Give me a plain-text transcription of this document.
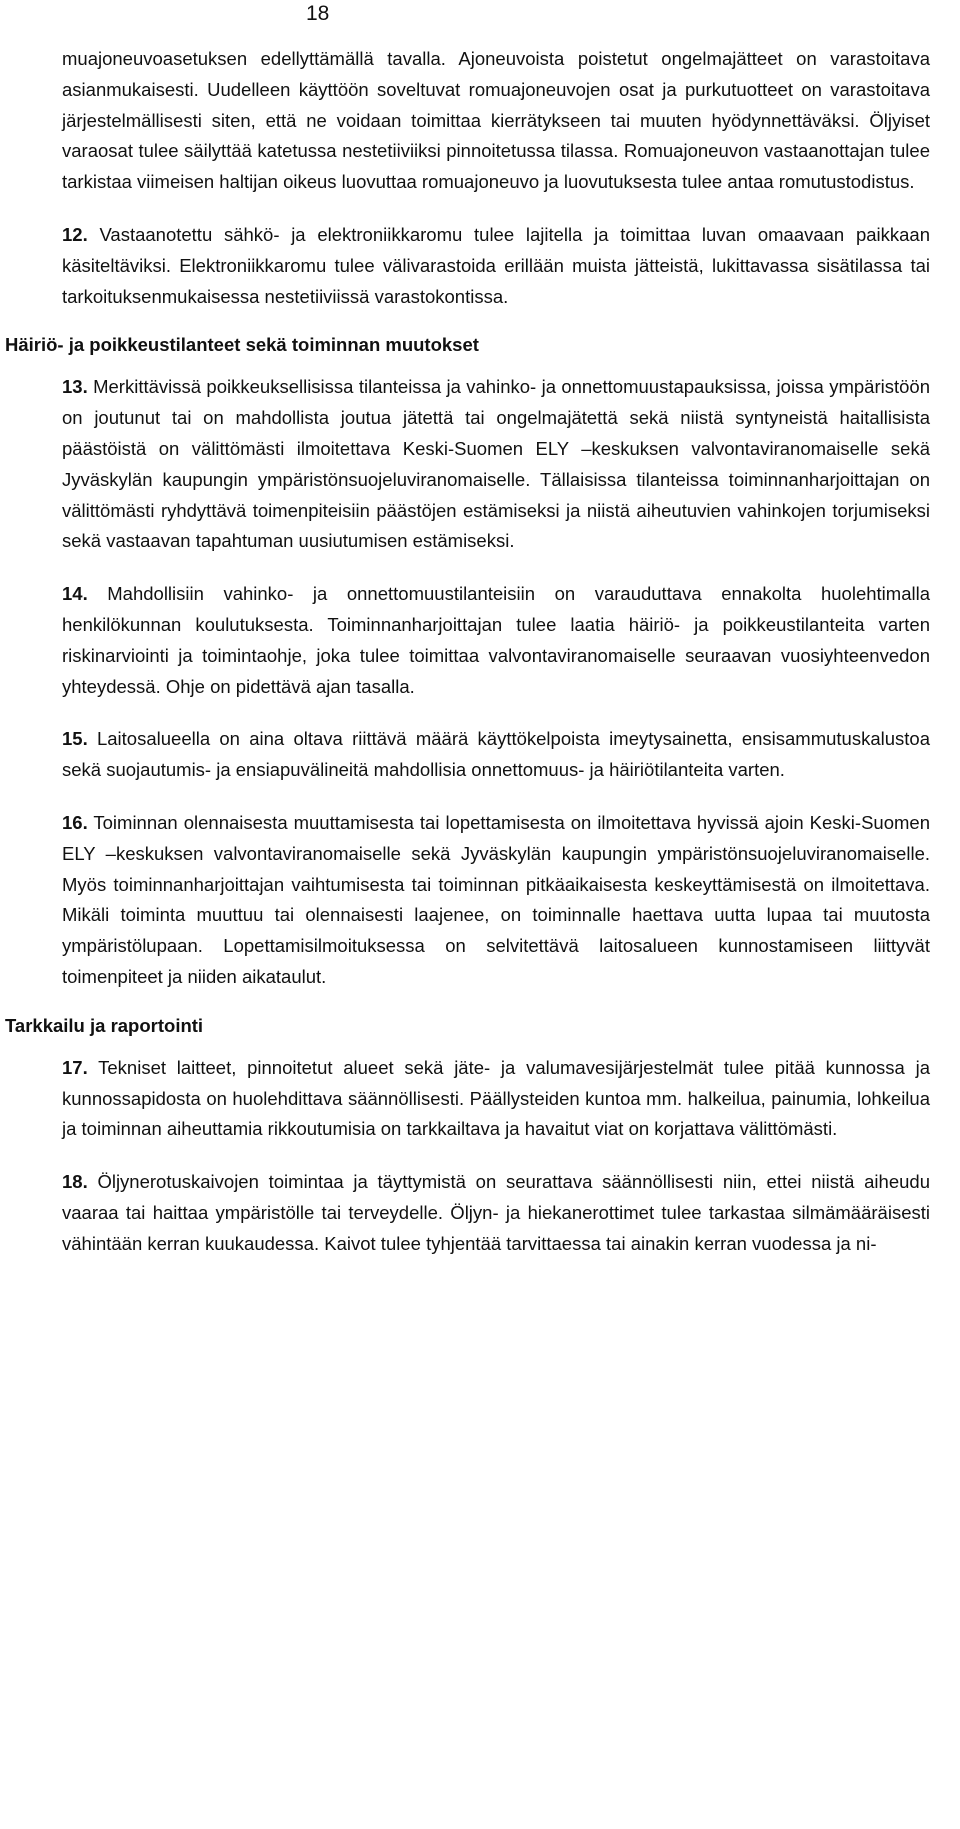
18

muajoneuvoasetuksen edellyttämällä tavalla. Ajoneuvoista poistetut ongelmajätteet on varastoitava asianmukaisesti. Uudelleen käyttöön soveltuvat romuajoneuvojen osat ja purkutuotteet on varastoitava järjestelmällisesti siten, että ne voidaan toimittaa kierrätykseen tai muuten hyödynnettäväksi. Öljyiset varaosat tulee säilyttää katetussa nestetiiviiksi pinnoitetussa tilassa. Romuajoneuvon vastaanottajan tulee tarkistaa viimeisen haltijan oikeus luovuttaa romuajoneuvo ja luovutuksesta tulee antaa romutustodistus.

12. Vastaanotettu sähkö- ja elektroniikkaromu tulee lajitella ja toimittaa luvan omaavaan paikkaan käsiteltäviksi. Elektroniikkaromu tulee välivarastoida erillään muista jätteistä, lukittavassa sisätilassa tai tarkoituksenmukaisessa nestetiiviissä varastokontissa.

Häiriö- ja poikkeustilanteet sekä toiminnan muutokset

13. Merkittävissä poikkeuksellisissa tilanteissa ja vahinko- ja onnettomuustapauksissa, joissa ympäristöön on joutunut tai on mahdollista joutua jätettä tai ongelmajätettä sekä niistä syntyneistä haitallisista päästöistä on välittömästi ilmoitettava Keski-Suomen ELY –keskuksen valvontaviranomaiselle sekä Jyväskylän kaupungin ympäristönsuojeluviranomaiselle. Tällaisissa tilanteissa toiminnanharjoittajan on välittömästi ryhdyttävä toimenpiteisiin päästöjen estämiseksi ja niistä aiheutuvien vahinkojen torjumiseksi sekä vastaavan tapahtuman uusiutumisen estämiseksi.

14. Mahdollisiin vahinko- ja onnettomuustilanteisiin on varauduttava ennakolta huolehtimalla henkilökunnan koulutuksesta. Toiminnanharjoittajan tulee laatia häiriö- ja poikkeustilanteita varten riskinarviointi ja toimintaohje, joka tulee toimittaa valvontaviranomaiselle seuraavan vuosiyhteenvedon yhteydessä. Ohje on pidettävä ajan tasalla.

15. Laitosalueella on aina oltava riittävä määrä käyttökelpoista imeytysainetta, ensisammutuskalustoa sekä suojautumis- ja ensiapuvälineitä mahdollisia onnettomuus- ja häiriötilanteita varten.

16. Toiminnan olennaisesta muuttamisesta tai lopettamisesta on ilmoitettava hyvissä ajoin Keski-Suomen ELY –keskuksen valvontaviranomaiselle sekä Jyväskylän kaupungin ympäristönsuojeluviranomaiselle. Myös toiminnanharjoittajan vaihtumisesta tai toiminnan pitkäaikaisesta keskeyttämisestä on ilmoitettava. Mikäli toiminta muuttuu tai olennaisesti laajenee, on toiminnalle haettava uutta lupaa tai muutosta ympäristölupaan. Lopettamisilmoituksessa on selvitettävä laitosalueen kunnostamiseen liittyvät toimenpiteet ja niiden aikataulut.

Tarkkailu ja raportointi

17. Tekniset laitteet, pinnoitetut alueet sekä jäte- ja valumavesijärjestelmät tulee pitää kunnossa ja kunnossapidosta on huolehdittava säännöllisesti. Päällysteiden kuntoa mm. halkeilua, painumia, lohkeilua ja toiminnan aiheuttamia rikkoutumisia on tarkkailtava ja havaitut viat on korjattava välittömästi.

18. Öljynerotuskaivojen toimintaa ja täyttymistä on seurattava säännöllisesti niin, ettei niistä aiheudu vaaraa tai haittaa ympäristölle tai terveydelle. Öljyn- ja hiekanerottimet tulee tarkastaa silmämääräisesti vähintään kerran kuukaudessa. Kaivot tulee tyhjentää tarvittaessa tai ainakin kerran vuodessa ja ni-
